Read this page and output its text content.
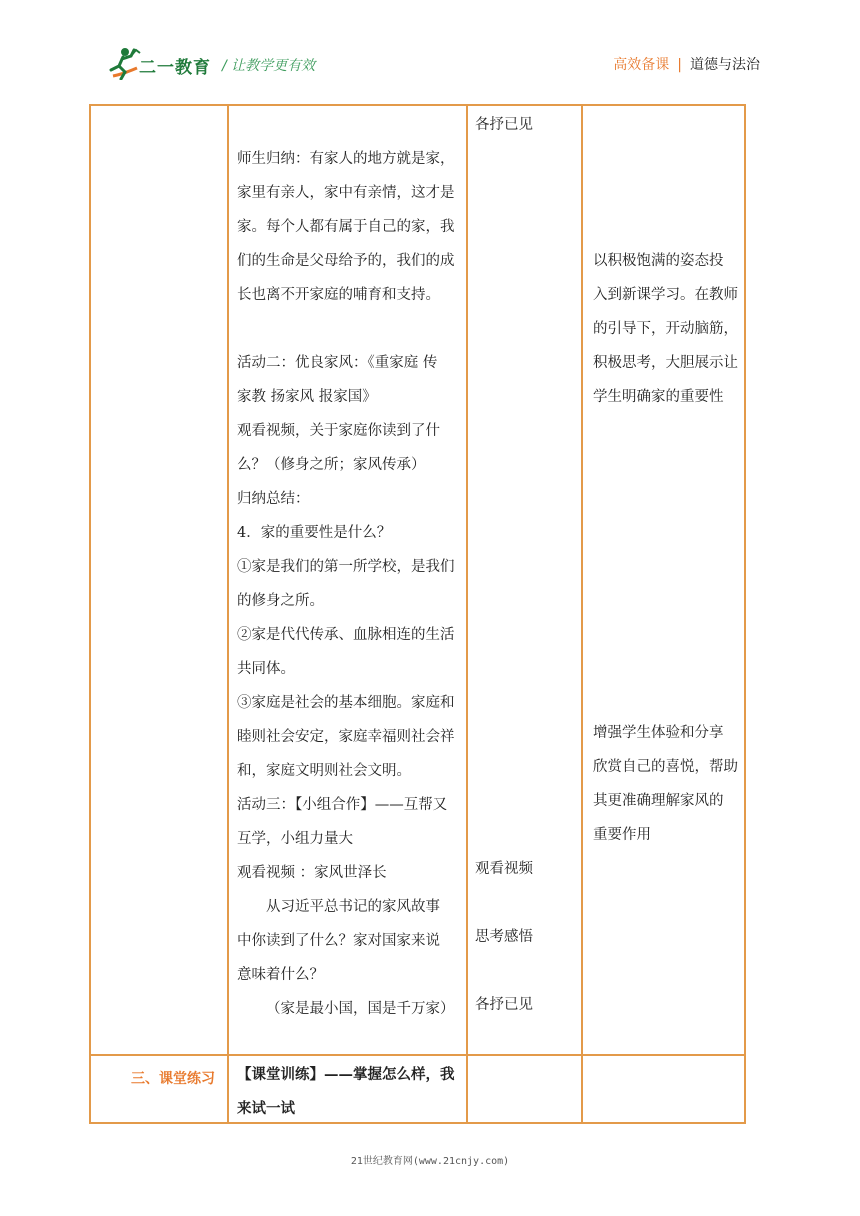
二一教育 / 让教学更有效	高效备课 | 道德与法治
各抒已见

师生归纳：有家人的地方就是家，

家里有亲人，家中有亲情，这才是

家。每个人都有属于自己的家，我

们的生命是父母给予的，我们的成

长也离不开家庭的哺育和支持。

活动二：优良家风：《重家庭 传

家教 扬家风 报家国》

观看视频，关于家庭你读到了什

么？（修身之所；家风传承）

归纳总结：

4．家的重要性是什么？

①家是我们的第一所学校，是我们

的修身之所。

②家是代代传承、血脉相连的生活

共同体。

③家庭是社会的基本细胞。家庭和

睦则社会安定，家庭幸福则社会祥

和，家庭文明则社会文明。

活动三：【小组合作】——互帮又

互学，小组力量大

观看视频 ：家风世泽长

从习近平总书记的家风故事

中你读到了什么？家对国家来说

意味着什么？

（家是最小国，国是千万家）

观看视频
思考感悟
各抒已见

以积极饱满的姿态投

入到新课学习。在教师

的引导下，开动脑筋，

积极思考，大胆展示让

学生明确家的重要性

增强学生体验和分享

欣赏自己的喜悦，帮助

其更准确理解家风的

重要作用

三、课堂练习 【课堂训练】——掌握怎么样，我

来试一试

21世纪教育网(www.21cnjy.com)
